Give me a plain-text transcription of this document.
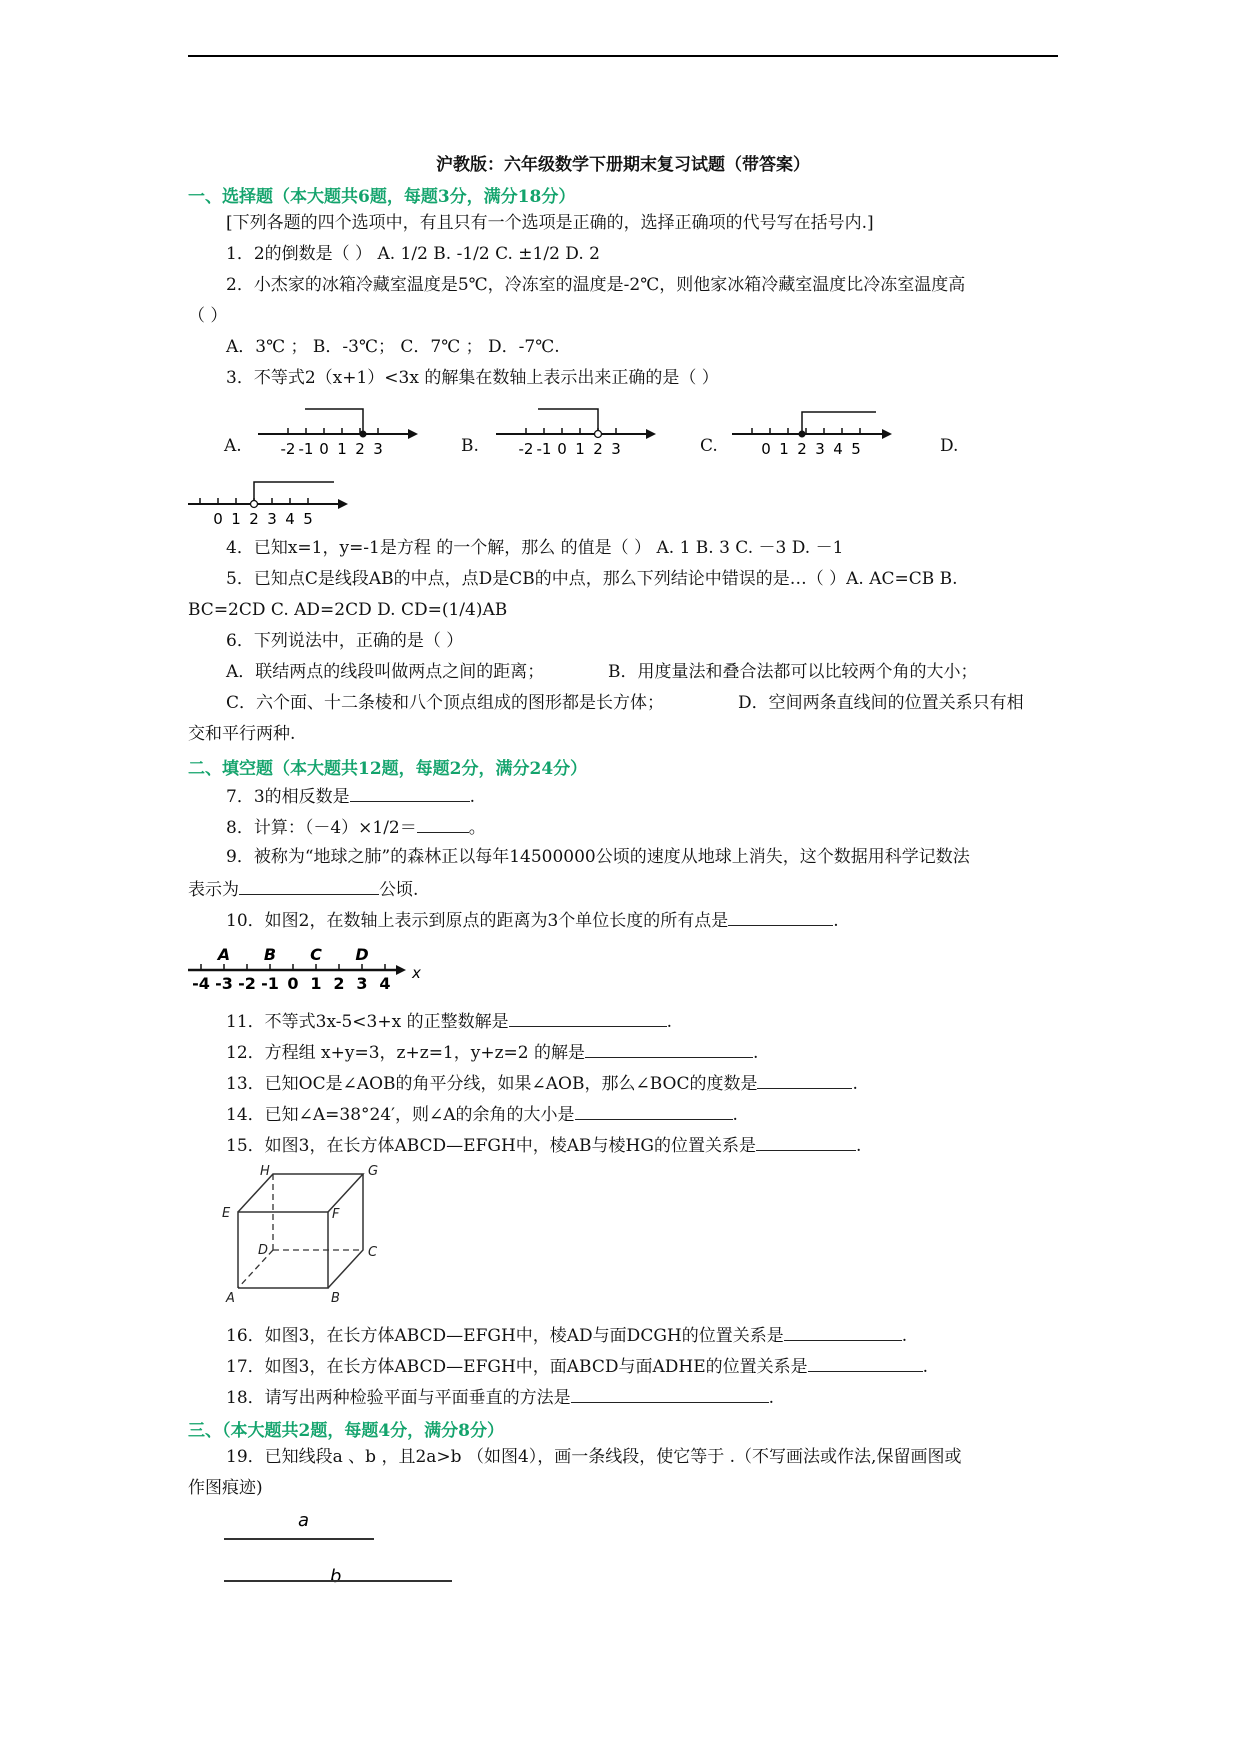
沪教版：六年级数学下册期末复习试题（带答案）
一、选择题（本大题共6题，每题3分，满分18分）
[下列各题的四个选项中，有且只有一个选项是正确的，选择正确项的代号写在括号内.]
1．2的倒数是（ ） A. 1/2 B. -1/2 C. ±1/2 D. 2
2．小杰家的冰箱冷藏室温度是5℃，冷冻室的温度是-2℃，则他家冰箱冷藏室温度比冷冻室温度高
（ ）
A．3℃ ； B．-3℃； C．7℃ ； D．-7℃.
3．不等式2（x+1）<3x 的解集在数轴上表示出来正确的是（ ）
A.	-2 -1 0 1 2 3	B.	-2 -1 0 1 2 3	C.	0 1 2 3 4 5	D.
0 1 2 3 4 5
4．已知x=1，y=-1是方程 的一个解，那么 的值是（ ） A. 1 B. 3 C. －3 D. －1
5．已知点C是线段AB的中点，点D是CB的中点，那么下列结论中错误的是…（ ）A. AC=CB B.
BC=2CD C. AD=2CD D. CD=(1/4)AB
6．下列说法中，正确的是（ ）
A．联结两点的线段叫做两点之间的距离；	B．用度量法和叠合法都可以比较两个角的大小；
C．六个面、十二条棱和八个顶点组成的图形都是长方体；	D．空间两条直线间的位置关系只有相
交和平行两种.
二、填空题（本大题共12题，每题2分，满分24分）
7．3的相反数是	.
8．计算：（－4）×1/2＝	。
9．被称为“地球之肺”的森林正以每年14500000公顷的速度从地球上消失，这个数据用科学记数法
表示为	公顷.
10．如图2，在数轴上表示到原点的距离为3个单位长度的所有点是	.
A B C D
-4 -3 -2 -1 0 1 2 3 4
x
11．不等式3x-5<3+x 的正整数解是	.
12．方程组 x+y=3，z+z=1，y+z=2 的解是	.
13．已知OC是∠AOB的角平分线，如果∠AOB，那么∠BOC的度数是	.
14．已知∠A=38°24′，则∠A的余角的大小是	.
15．如图3，在长方体ABCD—EFGH中，棱AB与棱HG的位置关系是	.
H	G
E	F
D	C
A	B
16．如图3，在长方体ABCD—EFGH中，棱AD与面DCGH的位置关系是	.
17．如图3，在长方体ABCD—EFGH中，面ABCD与面ADHE的位置关系是	.
18．请写出两种检验平面与平面垂直的方法是	.
三、（本大题共2题，每题4分，满分8分）
19．已知线段a 、b ，且2a>b （如图4），画一条线段，使它等于 .（不写画法或作法,保留画图或
作图痕迹)
a
b
